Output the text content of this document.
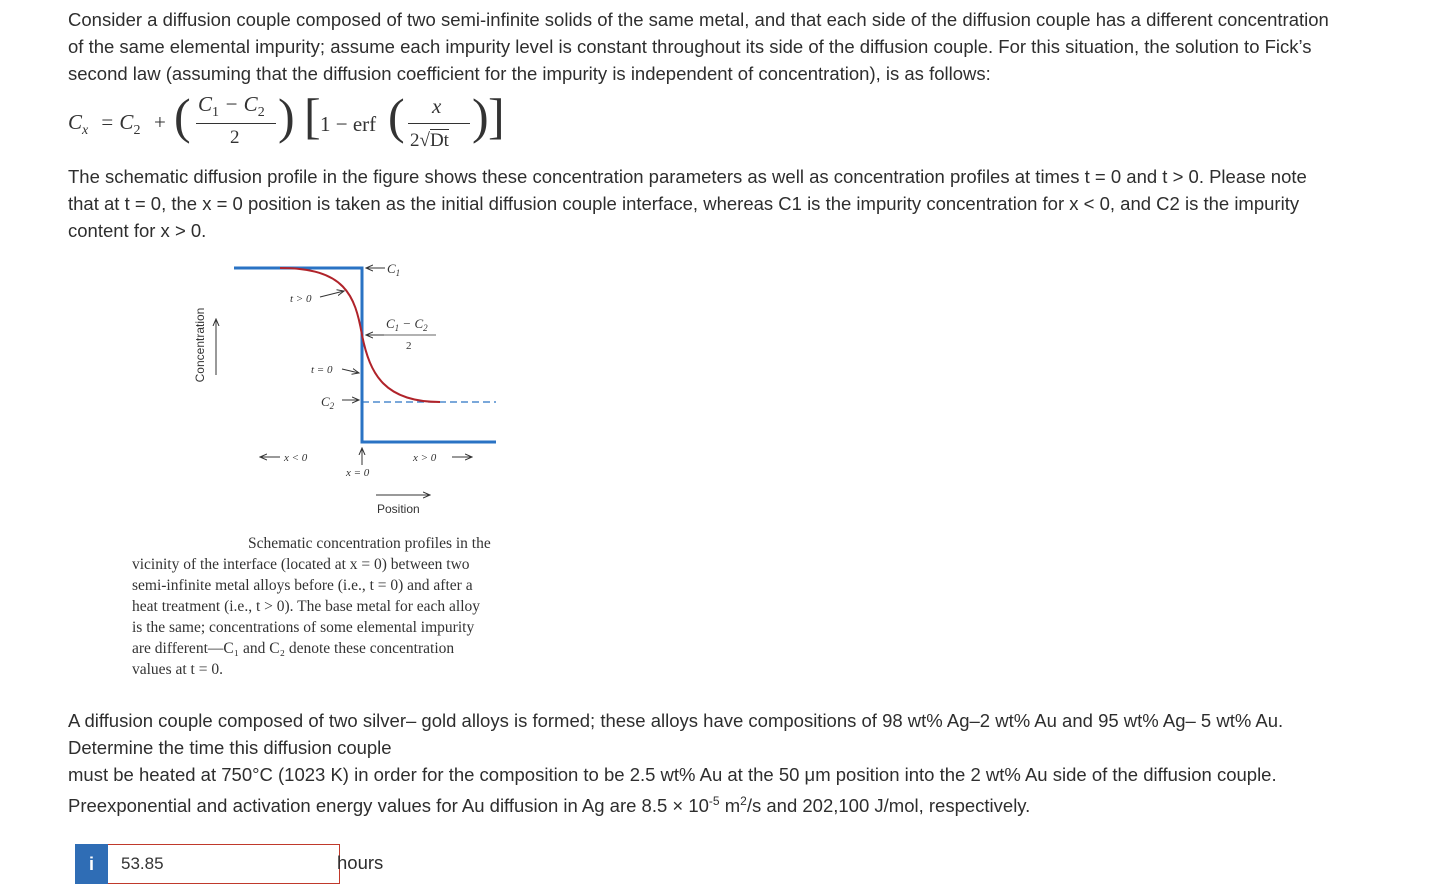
Consider a diffusion couple composed of two semi-infinite solids of the same metal, and that each side of the diffusion couple has a different concentration
of the same elemental impurity; assume each impurity level is constant throughout its side of the diffusion couple. For this situation, the solution to Fick’s
second law (assuming that the diffusion coefficient for the impurity is independent of concentration), is as follows:
$C_x = C_2$ + ( $C_1 - C_2$
2 ) [ 1 − erf ( x
2√Dt ) ]
The schematic diffusion profile in the figure shows these concentration parameters as well as concentration profiles at times t = 0 and t > 0. Please note
that at t = 0, the x = 0 position is taken as the initial diffusion couple interface, whereas C1 is the impurity concentration for x < 0, and C2 is the impurity
content for x > 0.
Concentration
$C_1$
$C_1 - C_2$
2
t > 0
t = 0
$C_2$
x < 0
x = 0
x > 0
Position
Schematic concentration profiles in the
vicinity of the interface (located at x = 0) between two
semi-infinite metal alloys before (i.e., t = 0) and after a
heat treatment (i.e., t > 0). The base metal for each alloy
is the same; concentrations of some elemental impurity
are different—C₁ and C₂ denote these concentration
values at t = 0.
A diffusion couple composed of two silver– gold alloys is formed; these alloys have compositions of 98 wt% Ag–2 wt% Au and 95 wt% Ag– 5 wt% Au.
Determine the time this diffusion couple
must be heated at 750°C (1023 K) in order for the composition to be 2.5 wt% Au at the 50 μm position into the 2 wt% Au side of the diffusion couple.
Preexponential and activation energy values for Au diffusion in Ag are $8.5 \times 10^{-5}$ $m^2/s$ and 202,100 J/mol, respectively.
i
53.85	hours
